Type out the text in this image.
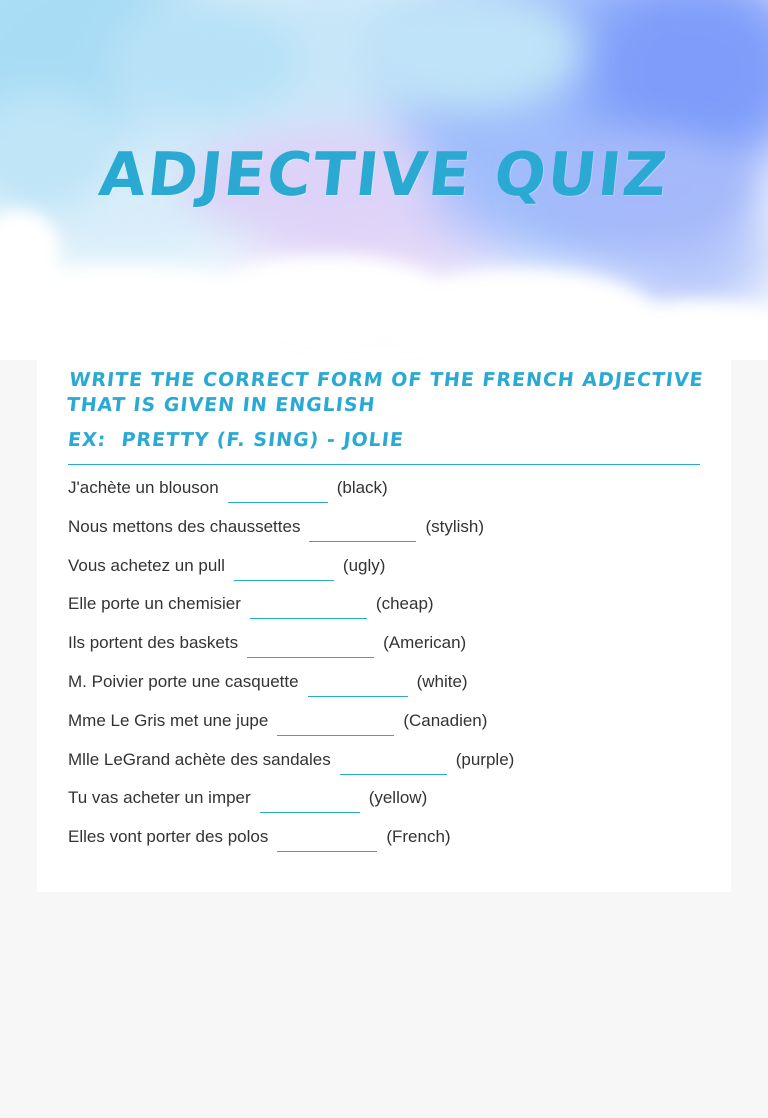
ADJECTIVE QUIZ
WRITE THE CORRECT FORM OF THE FRENCH ADJECTIVE THAT IS GIVEN IN ENGLISH
EX:  PRETTY (F. SING) - JOLIE
J'achète un blouson	(black)
Nous mettons des chaussettes	(stylish)
Vous achetez un pull	(ugly)
Elle porte un chemisier	(cheap)
Ils portent des baskets	(American)
M. Poivier porte une casquette	(white)
Mme Le Gris met une jupe	(Canadien)
Mlle LeGrand achète des sandales	(purple)
Tu vas acheter un imper	(yellow)
Elles vont porter des polos	(French)
